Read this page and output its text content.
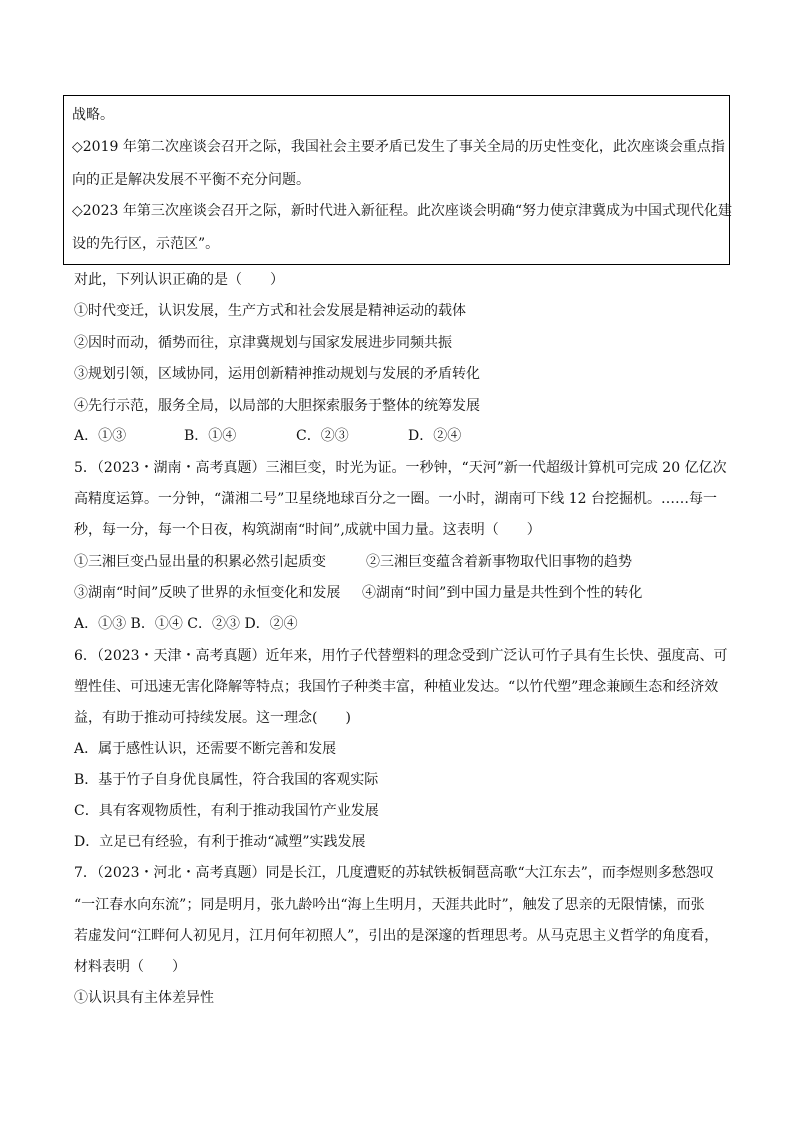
战略。
◇2019 年第二次座谈会召开之际，我国社会主要矛盾已发生了事关全局的历史性变化，此次座谈会重点指
向的正是解决发展不平衡不充分问题。
◇2023 年第三次座谈会召开之际，新时代进入新征程。此次座谈会明确“努力使京津冀成为中国式现代化建
设的先行区，示范区”。
对此，下列认识正确的是（　　）
①时代变迁，认识发展，生产方式和社会发展是精神运动的载体
②因时而动，循势而往，京津冀规划与国家发展进步同频共振
③规划引领，区域协同，运用创新精神推动规划与发展的矛盾转化
④先行示范，服务全局，以局部的大胆探索服务于整体的统筹发展
A．①③	B．①④	C．②③	D．②④
5．（2023・湖南・高考真题）三湘巨变，时光为证。一秒钟，“天河”新一代超级计算机可完成 20 亿亿次
高精度运算。一分钟，“潇湘二号”卫星绕地球百分之一圈。一小时，湖南可下线 12 台挖掘机。……每一
秒，每一分，每一个日夜，构筑湖南“时间”,成就中国力量。这表明（　　）
①三湘巨变凸显出量的积累必然引起质变	②三湘巨变蕴含着新事物取代旧事物的趋势
③湖南“时间”反映了世界的永恒变化和发展 ④湖南“时间”到中国力量是共性到个性的转化
A．①③ B．①④ C．②③ D．②④
6．（2023・天津・高考真题）近年来，用竹子代替塑料的理念受到广泛认可竹子具有生长快、强度高、可
塑性佳、可迅速无害化降解等特点；我国竹子种类丰富，种植业发达。“以竹代塑”理念兼顾生态和经济效
益，有助于推动可持续发展。这一理念(　　)
A．属于感性认识，还需要不断完善和发展
B．基于竹子自身优良属性，符合我国的客观实际
C．具有客观物质性，有利于推动我国竹产业发展
D．立足已有经验，有利于推动“减塑”实践发展
7．（2023・河北・高考真题）同是长江，几度遭贬的苏轼铁板铜琶高歌“大江东去”，而李煜则多愁怨叹
“一江春水向东流”；同是明月，张九龄吟出“海上生明月，天涯共此时”，触发了思亲的无限情愫，而张
若虚发问“江畔何人初见月，江月何年初照人”，引出的是深邃的哲理思考。从马克思主义哲学的角度看，
材料表明（　　）
①认识具有主体差异性
